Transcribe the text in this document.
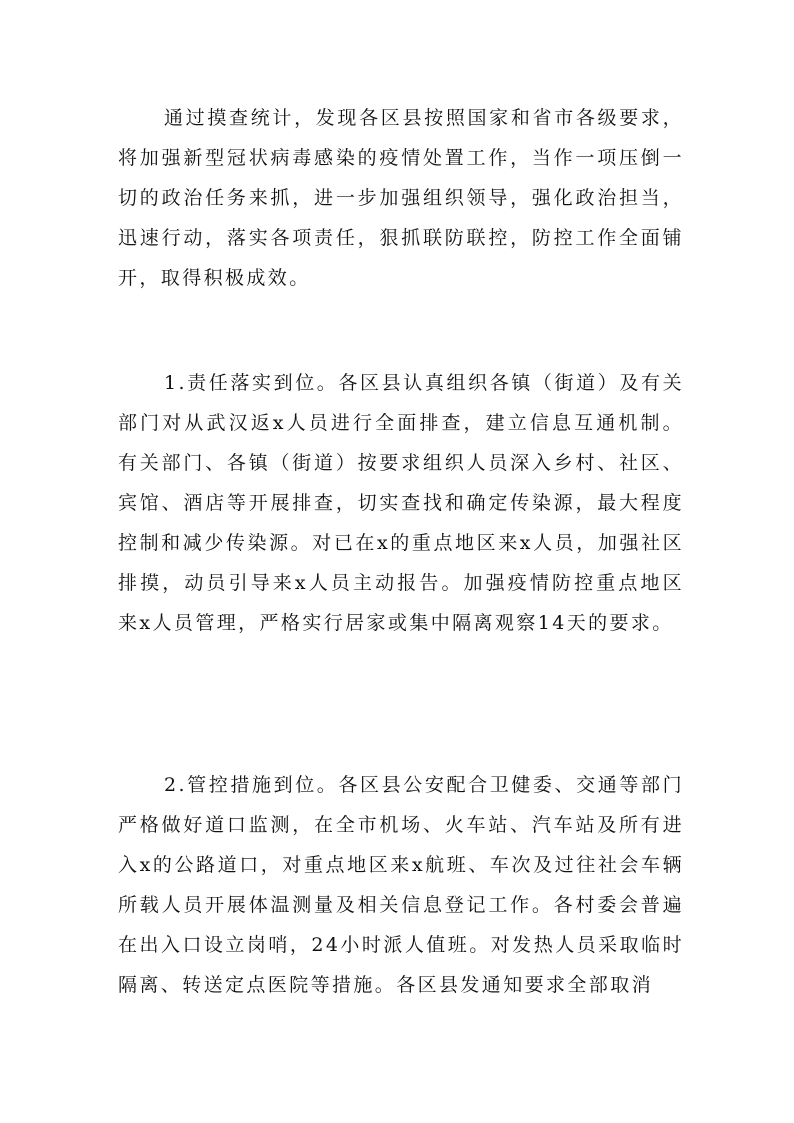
通过摸查统计，发现各区县按照国家和省市各级要求，将加强新型冠状病毒感染的疫情处置工作，当作一项压倒一切的政治任务来抓，进一步加强组织领导，强化政治担当，迅速行动，落实各项责任，狠抓联防联控，防控工作全面铺开，取得积极成效。

1.责任落实到位。各区县认真组织各镇（街道）及有关部门对从武汉返x人员进行全面排查，建立信息互通机制。有关部门、各镇（街道）按要求组织人员深入乡村、社区、宾馆、酒店等开展排查，切实查找和确定传染源，最大程度控制和减少传染源。对已在x的重点地区来x人员，加强社区排摸，动员引导来x人员主动报告。加强疫情防控重点地区来x人员管理，严格实行居家或集中隔离观察14天的要求。

2.管控措施到位。各区县公安配合卫健委、交通等部门严格做好道口监测，在全市机场、火车站、汽车站及所有进入x的公路道口，对重点地区来x航班、车次及过往社会车辆所载人员开展体温测量及相关信息登记工作。各村委会普遍在出入口设立岗哨，24小时派人值班。对发热人员采取临时隔离、转送定点医院等措施。各区县发通知要求全部取消
